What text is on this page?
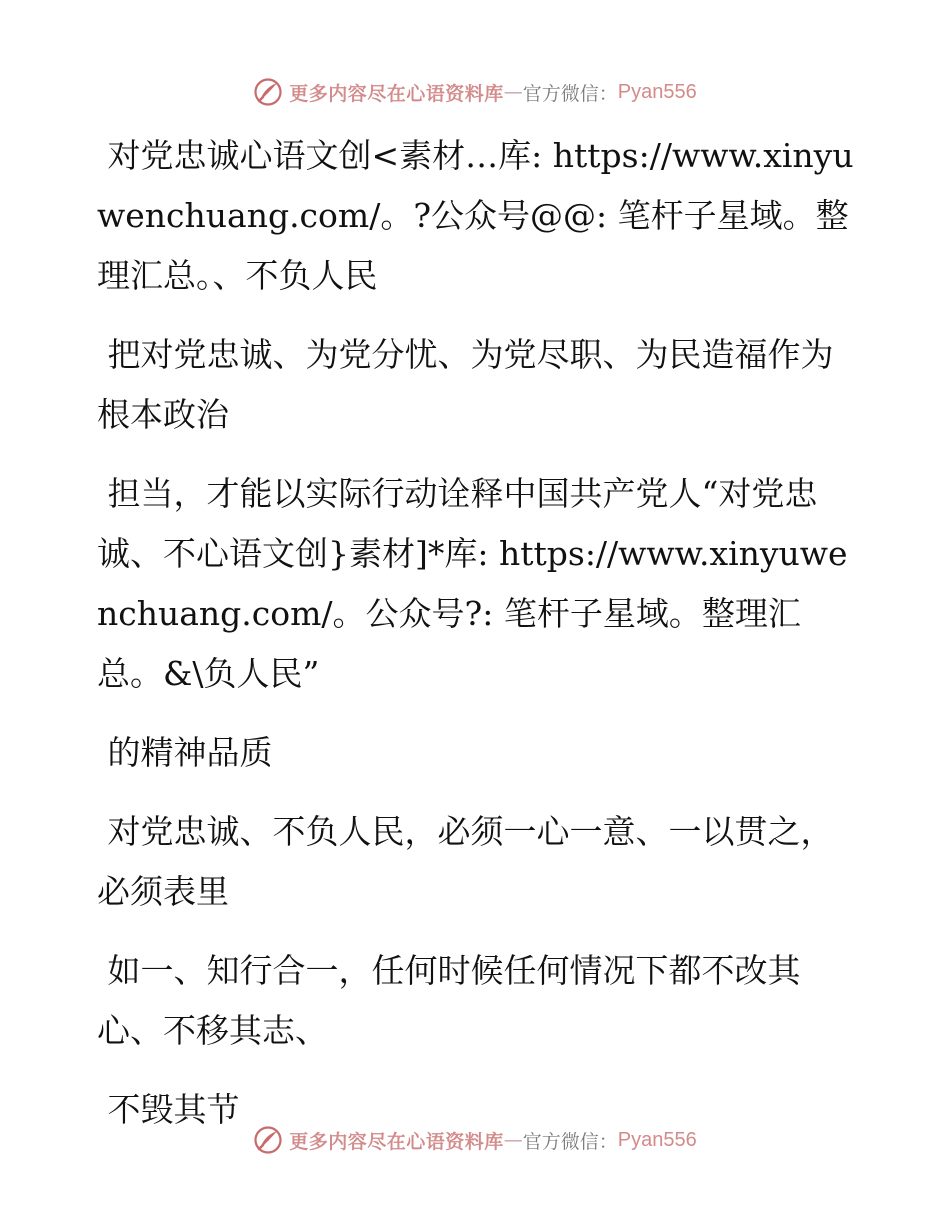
更多内容尽在心语资料库 — 官方微信： Pyan556

对党忠诚心语文创<素材…库: https://www.xinyuwenchuang.com/。?公众号@@: 笔杆子星域。整理汇总。、不负人民

把对党忠诚、为党分忧、为党尽职、为民造福作为根本政治

担当，才能以实际行动诠释中国共产党人“对党忠诚、不心语文创}素材]*库: https://www.xinyuwenchuang.com/。公众号?: 笔杆子星域。整理汇总。&\负人民”

的精神品质

对党忠诚、不负人民，必须一心一意、一以贯之，必须表里

如一、知行合一，任何时候任何情况下都不改其心、不移其志、

不毁其节

更多内容尽在心语资料库 — 官方微信： Pyan556
